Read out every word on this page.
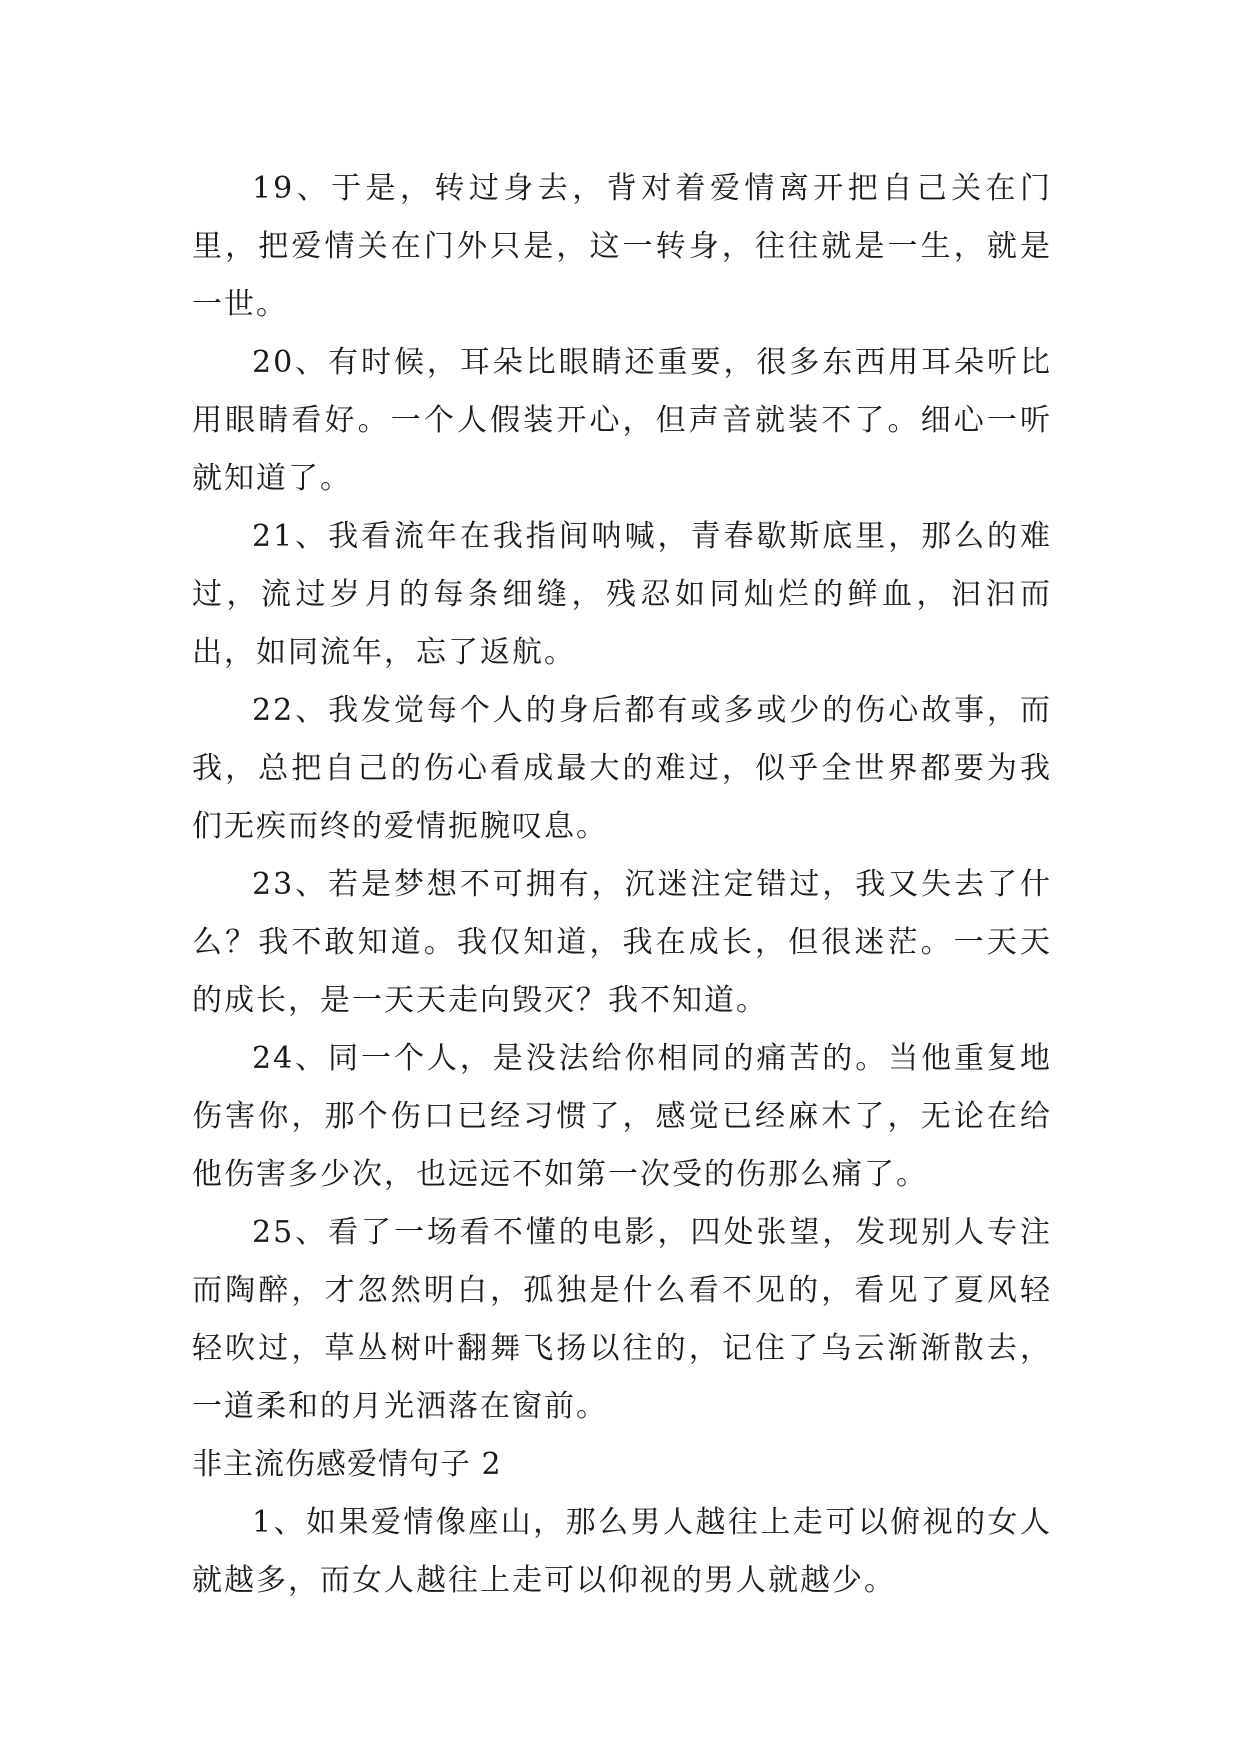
19、于是，转过身去，背对着爱情离开把自己关在门里，把爱情关在门外只是，这一转身，往往就是一生，就是一世。

20、有时候，耳朵比眼睛还重要，很多东西用耳朵听比用眼睛看好。一个人假装开心，但声音就装不了。细心一听就知道了。

21、我看流年在我指间呐喊，青春歇斯底里，那么的难过，流过岁月的每条细缝，残忍如同灿烂的鲜血，汩汩而出，如同流年，忘了返航。

22、我发觉每个人的身后都有或多或少的伤心故事，而我，总把自己的伤心看成最大的难过，似乎全世界都要为我们无疾而终的爱情扼腕叹息。

23、若是梦想不可拥有，沉迷注定错过，我又失去了什么？我不敢知道。我仅知道，我在成长，但很迷茫。一天天的成长，是一天天走向毁灭？我不知道。

24、同一个人，是没法给你相同的痛苦的。当他重复地伤害你，那个伤口已经习惯了，感觉已经麻木了，无论在给他伤害多少次，也远远不如第一次受的伤那么痛了。

25、看了一场看不懂的电影，四处张望，发现别人专注而陶醉，才忽然明白，孤独是什么看不见的，看见了夏风轻轻吹过，草丛树叶翻舞飞扬以往的，记住了乌云渐渐散去，一道柔和的月光洒落在窗前。

非主流伤感爱情句子 2

1、如果爱情像座山，那么男人越往上走可以俯视的女人就越多，而女人越往上走可以仰视的男人就越少。
